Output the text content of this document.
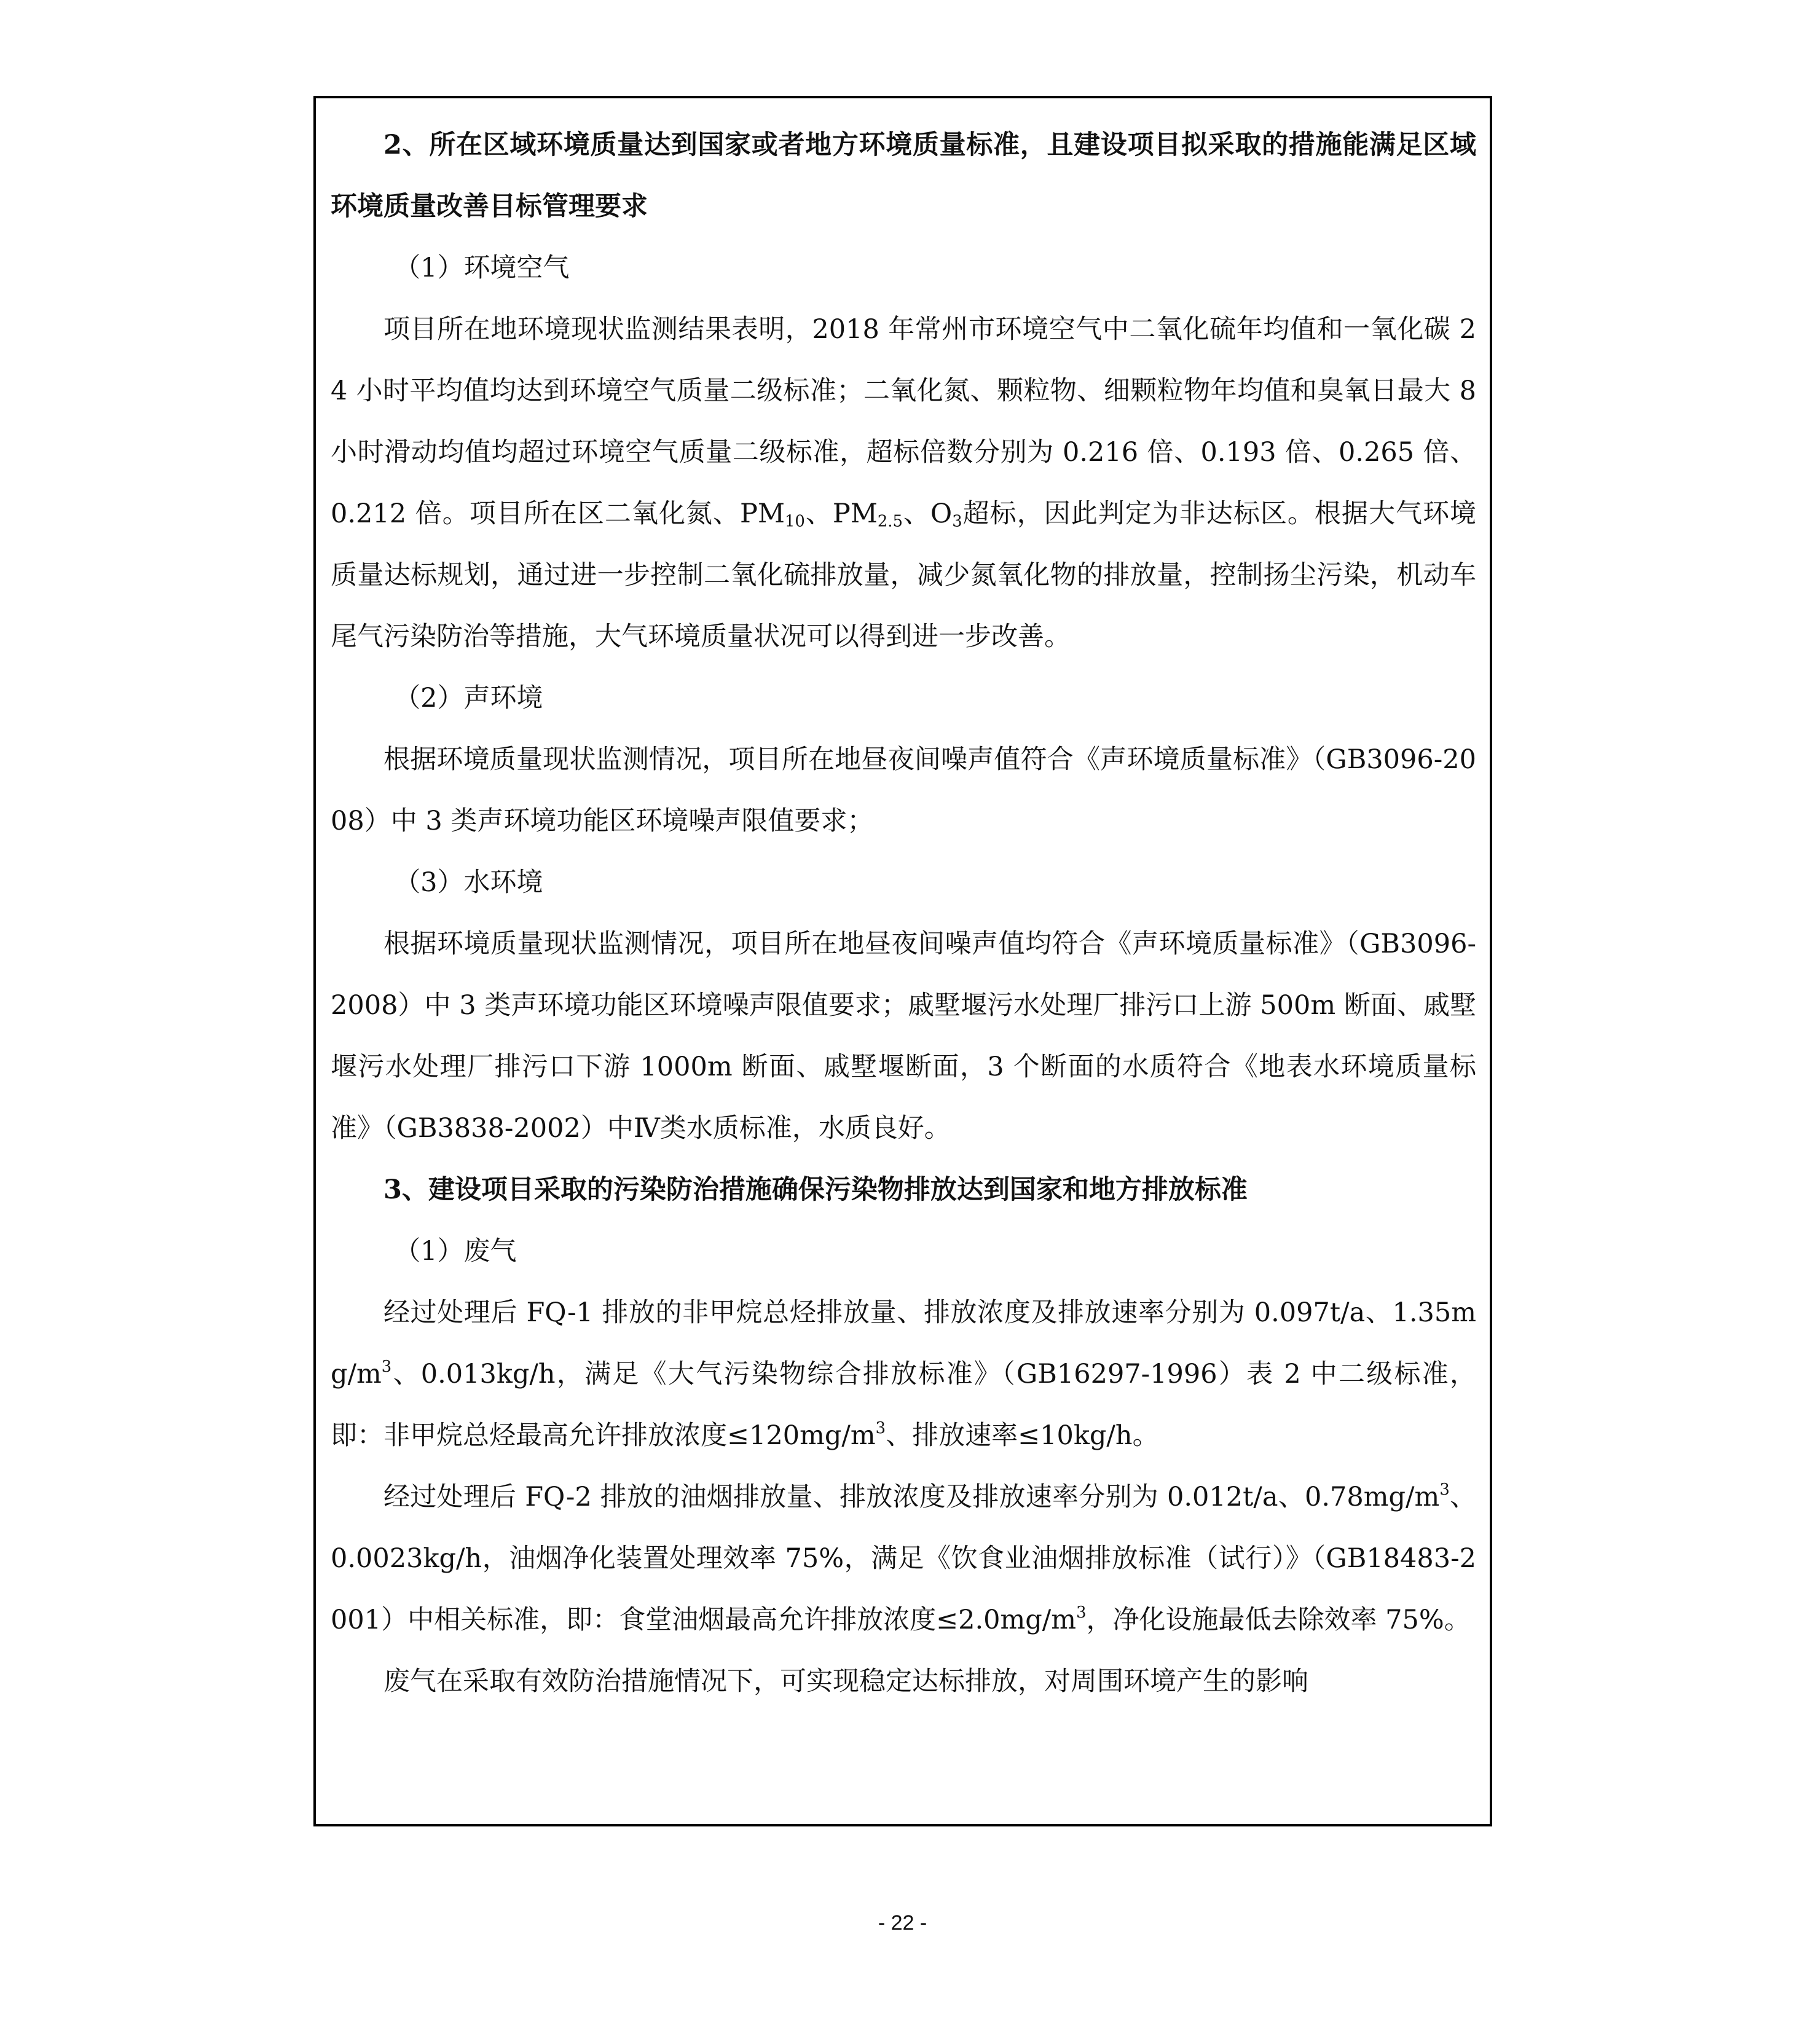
2、所在区域环境质量达到国家或者地方环境质量标准，且建设项目拟采取的措施能满足区域环境质量改善目标管理要求

（1）环境空气

项目所在地环境现状监测结果表明，2018 年常州市环境空气中二氧化硫年均值和一氧化碳 24 小时平均值均达到环境空气质量二级标准；二氧化氮、颗粒物、细颗粒物年均值和臭氧日最大 8 小时滑动均值均超过环境空气质量二级标准，超标倍数分别为 0.216 倍、0.193 倍、0.265 倍、0.212 倍。项目所在区二氧化氮、$PM_{10}$、$PM_{2.5}$、$O_3$超标，因此判定为非达标区。根据大气环境质量达标规划，通过进一步控制二氧化硫排放量，减少氮氧化物的排放量，控制扬尘污染，机动车尾气污染防治等措施，大气环境质量状况可以得到进一步改善。

（2）声环境

根据环境质量现状监测情况，项目所在地昼夜间噪声值符合《声环境质量标准》（GB3096-2008）中 3 类声环境功能区环境噪声限值要求；

（3）水环境

根据环境质量现状监测情况，项目所在地昼夜间噪声值均符合《声环境质量标准》（GB3096-2008）中 3 类声环境功能区环境噪声限值要求；戚墅堰污水处理厂排污口上游 500m 断面、戚墅堰污水处理厂排污口下游 1000m 断面、戚墅堰断面，3 个断面的水质符合《地表水环境质量标准》（GB3838-2002）中Ⅳ类水质标准，水质良好。

3、建设项目采取的污染防治措施确保污染物排放达到国家和地方排放标准

（1）废气

经过处理后 FQ-1 排放的非甲烷总烃排放量、排放浓度及排放速率分别为 0.097t/a、$1.35mg/m^3$、0.013kg/h，满足《大气污染物综合排放标准》（GB16297-1996）表 2 中二级标准，即：非甲烷总烃最高允许排放浓度$\le 120mg/m^3$、排放速率≤10kg/h。

经过处理后 FQ-2 排放的油烟排放量、排放浓度及排放速率分别为 0.012t/a、$0.78mg/m^3$、0.0023kg/h，油烟净化装置处理效率 75%，满足《饮食业油烟排放标准（试行）》（GB18483-2001）中相关标准，即：食堂油烟最高允许排放浓度$\le 2.0mg/m^3$，净化设施最低去除效率 75%。

废气在采取有效防治措施情况下，可实现稳定达标排放，对周围环境产生的影响

- 22 -
